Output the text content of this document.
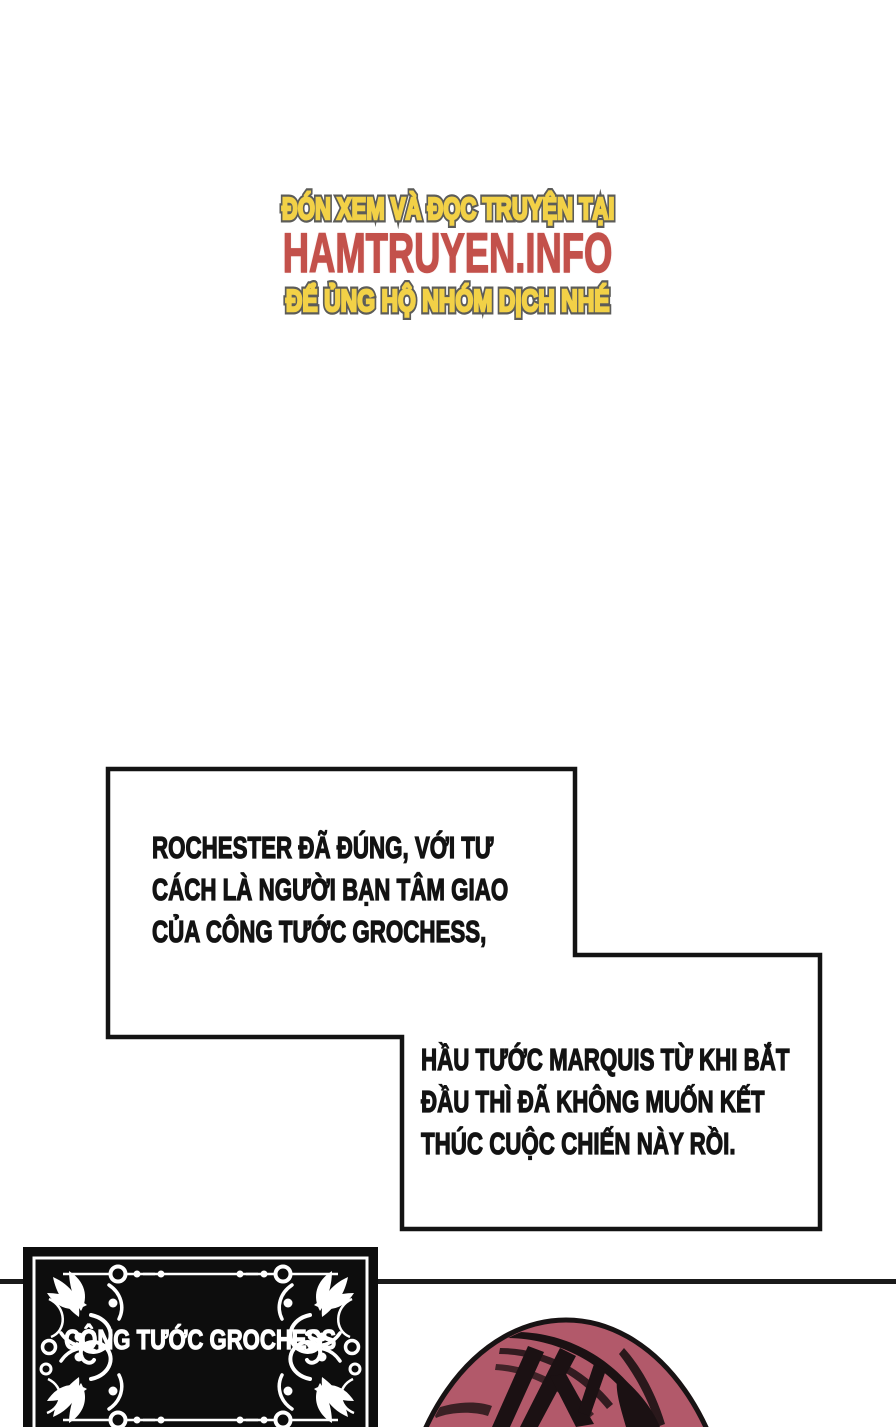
ĐÓN XEM VÀ ĐỌC TRUYỆN TẠI ĐÓN XEM VÀ ĐỌC TRUYỆN TẠI
HAMTRUYEN.INFO
ĐỂ ỦNG HỘ NHÓM DỊCH NHÉ ĐỂ ỦNG HỘ NHÓM DỊCH NHÉ
ROCHESTER ĐÃ ĐÚNG, VỚI TƯ
CÁCH LÀ NGƯỜI BẠN TÂM GIAO
CỦA CÔNG TƯỚC GROCHESS,
HẦU TƯỚC MARQUIS TỪ KHI BẮT
ĐẦU THÌ ĐÃ KHÔNG MUỐN KẾT
THÚC CUỘC CHIẾN NÀY RỒI.
CÔNG TƯỚC GROCHESS
